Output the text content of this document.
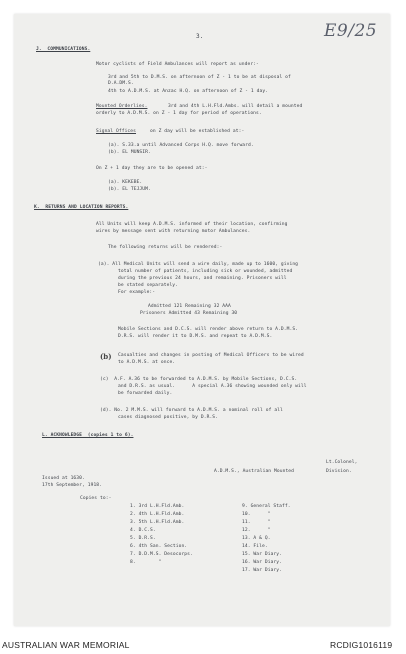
E9/25
3.
J.  COMMUNICATIONS.
Motor cyclists of Field Ambulances will report as under:-
3rd and 5th to D.M.S. on afternoon of Z - 1 to be at disposal of
D.A.DM.S.
4th to A.D.M.S. at Anzac H.Q. on afternoon of Z - 1 day.
Mounted Orderlies.	3rd and 4th L.H.Fld.Ambs. will detail a mounted
orderly to A.D.M.S. on Z - 1 day for period of operations.
Signal Offices	on Z day will be established at:-
(a). S.33.a until Advanced Corps H.Q. move forward.
(b). EL MUNSIR.
On Z + 1 day they are to be opened at:-
(a). KEKEBE.
(b). EL TEJJUM.
K.  RETURNS AND LOCATION REPORTS.
All Units will keep A.D.M.S. informed of their location, confirming
wires by message sent with returning motor Ambulances.
The following returns will be rendered:-
(a). All Medical Units will send a wire daily, made up to 1600, giving
total number of patients, including sick or wounded, admitted
during the previous 24 hours, and remaining. Prisoners will
be stated separately.
For example:-
Admitted 121 Remaining 32 AAA
Prisoners Admitted 43 Remaining 30
Mobile Sections and D.C.S. will render above return to A.D.M.S.
D.R.S. will render it to D.M.S. and repeat to A.D.M.S.
(b) Casualties and changes in posting of Medical Officers to be wired
to A.D.M.S. at once.
(c)  A.F. A.36 to be forwarded to A.D.M.S. by Mobile Sections, D.C.S.
and D.R.S. as usual.      A special A.36 showing wounded only will
be forwarded daily.
(d). No. 2 M.M.S. will forward to A.D.M.S. a nominal roll of all
cases diagnosed positive, by D.R.S.
L. ACKNOWLEDGE  (copies 1 to 6).
Lt.Colonel,
A.D.M.S., Australian Mounted	Division.
Issued at 1630.
17th September, 1918.
Copies to:-
1. 3rd L.H.Fld.Amb.
2. 4th L.H.Fld.Amb.
3. 5th L.H.Fld.Amb.
4. D.C.S.
5. D.R.S.
6. 4th San. Section.
7. D.D.M.S. Desocorps.
8.        "
9. General Staff.
10.      "
11.      "
12.      "
13. A & Q.
14. File.
15. War Diary.
16. War Diary.
17. War Diary.
AUSTRALIAN WAR MEMORIAL	RCDIG1016119
